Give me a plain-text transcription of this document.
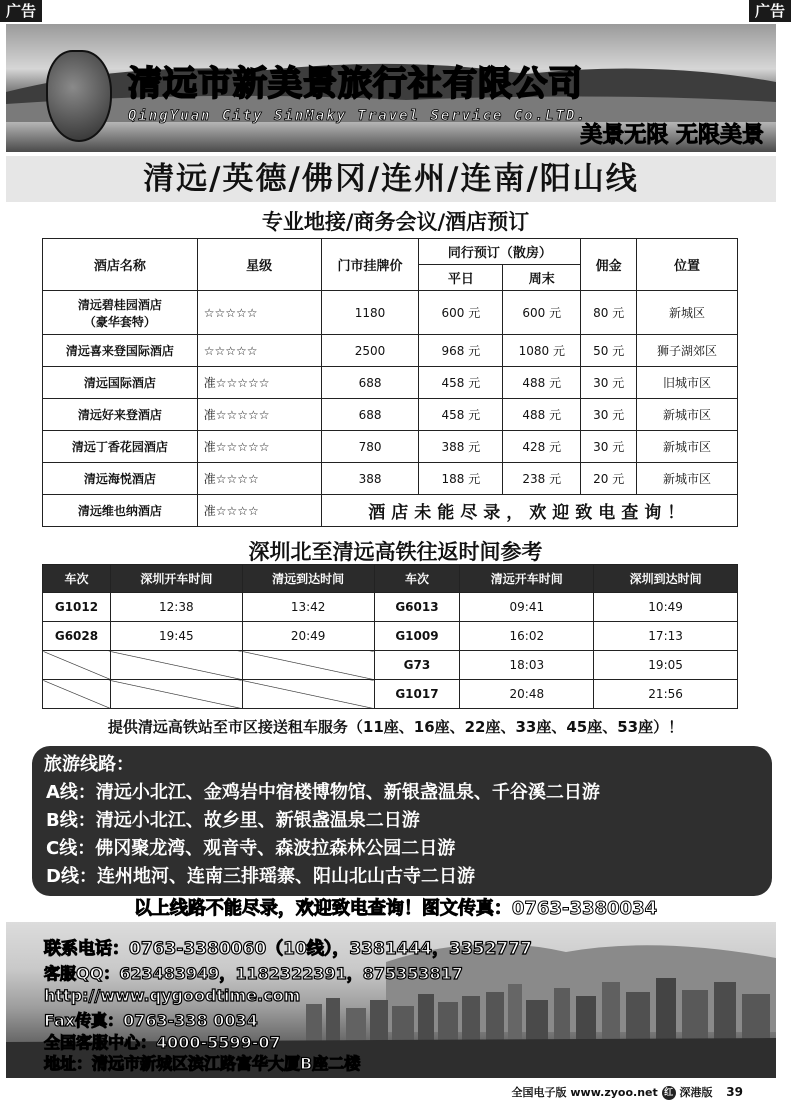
广告	广告
清远市新美景旅行社有限公司
QingYuan City SinMaky Travel Service Co.LTD.
美景无限 无限美景
清远/英德/佛冈/连州/连南/阳山线
专业地接/商务会议/酒店预订
酒店名称	星级	门市挂牌价	同行预订（散房）		佣金	位置
			平日	周末		
清远碧桂园酒店
（豪华套特）	☆☆☆☆☆	1180	600 元	600 元	80 元	新城区
清远喜来登国际酒店	☆☆☆☆☆	2500	968 元	1080 元	50 元	狮子湖郊区
清远国际酒店	准☆☆☆☆☆	688	458 元	488 元	30 元	旧城市区
清远好来登酒店	准☆☆☆☆☆	688	458 元	488 元	30 元	新城市区
清远丁香花园酒店	准☆☆☆☆☆	780	388 元	428 元	30 元	新城市区
清远海悦酒店	准☆☆☆☆	388	188 元	238 元	20 元	新城市区
清远维也纳酒店	准☆☆☆☆	酒店未能尽录，欢迎致电查询！				
深圳北至清远高铁往返时间参考
车次	深圳开车时间	清远到达时间	车次	清远开车时间	深圳到达时间
G1012	12:38	13:42	G6013	09:41	10:49
G6028	19:45	20:49	G1009	16:02	17:13
			G73	18:03	19:05
			G1017	20:48	21:56
提供清远高铁站至市区接送租车服务（11座、16座、22座、33座、45座、53座）！
旅游线路：
A线：清远小北江、金鸡岩中宿楼博物馆、新银盏温泉、千谷溪二日游
B线：清远小北江、故乡里、新银盏温泉二日游
C线：佛冈聚龙湾、观音寺、森波拉森林公园二日游
D线：连州地河、连南三排瑶寨、阳山北山古寺二日游
以上线路不能尽录，欢迎致电查询！图文传真：0763-3380034
联系电话：0763-3380060（10线），3381444，3352777
客服QQ：623483949，1182322391，875353817
http://www.qygoodtime.com
Fax传真：0763-338 0034
全国客服中心：4000-5599-07
地址：清远市新城区滨江路富华大厦B座二楼
全国电子版 www.zyoo.net 红 深港版 39
